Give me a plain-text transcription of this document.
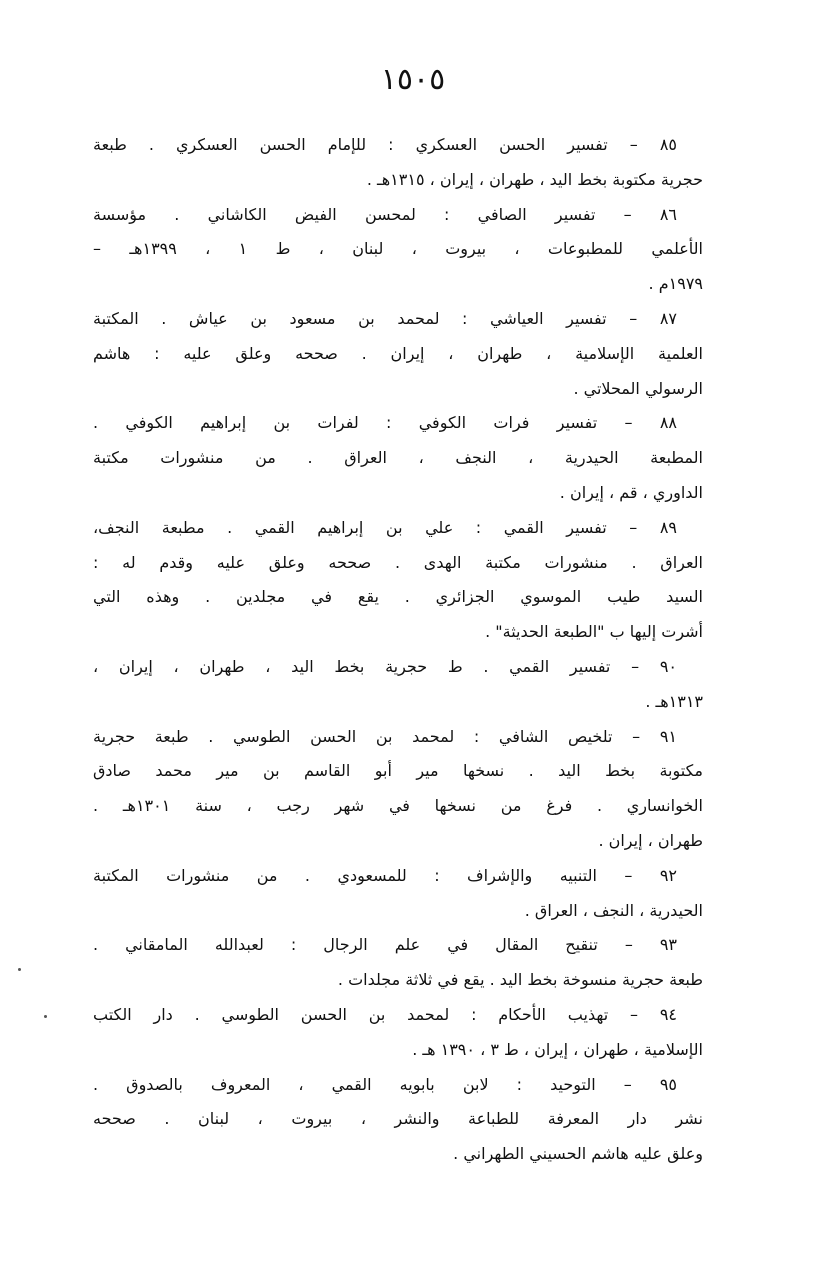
١٥٠٥
٨٥ – تفسير الحسن العسكري : للإمام الحسن العسكري . طبعة
حجرية مكتوبة بخط اليد ، طهران ، إيران ، ١٣١٥هـ .
٨٦ – تفسير الصافي : لمحسن الفيض الكاشاني . مؤسسة
الأعلمي للمطبوعات ، بيروت ، لبنان ، ط ١ ، ١٣٩٩هـ –
١٩٧٩م .
٨٧ – تفسير العياشي : لمحمد بن مسعود بن عياش . المكتبة
العلمية الإسلامية ، طهران ، إيران . صححه وعلق عليه : هاشم
الرسولي المحلاتي .
٨٨ – تفسير فرات الكوفي : لفرات بن إبراهيم الكوفي .
المطبعة الحيدرية ، النجف ، العراق . من منشورات مكتبة
الداوري ، قم ، إيران .
٨٩ – تفسير القمي : علي بن إبراهيم القمي . مطبعة النجف،
العراق . منشورات مكتبة الهدى . صححه وعلق عليه وقدم له :
السيد طيب الموسوي الجزائري . يقع في مجلدين . وهذه التي
أشرت إليها ب "الطبعة الحديثة" .
٩٠ – تفسير القمي . ط حجرية بخط اليد ، طهران ، إيران ،
١٣١٣هـ .
٩١ – تلخيص الشافي : لمحمد بن الحسن الطوسي . طبعة حجرية
مكتوبة بخط اليد . نسخها مير أبو القاسم بن مير محمد صادق
الخوانساري . فرغ من نسخها في شهر رجب ، سنة ١٣٠١هـ .
طهران ، إيران .
٩٢ – التنبيه والإشراف : للمسعودي . من منشورات المكتبة
الحيدرية ، النجف ، العراق .
٩٣ – تنقيح المقال في علم الرجال : لعبدالله المامقاني .
طبعة حجرية منسوخة بخط اليد . يقع في ثلاثة مجلدات .
٩٤ – تهذيب الأحكام : لمحمد بن الحسن الطوسي . دار الكتب
الإسلامية ، طهران ، إيران ، ط ٣ ، ١٣٩٠ هـ .
٩٥ – التوحيد : لابن بابويه القمي ، المعروف بالصدوق .
نشر دار المعرفة للطباعة والنشر ، بيروت ، لبنان . صححه
وعلق عليه هاشم الحسيني الطهراني .
